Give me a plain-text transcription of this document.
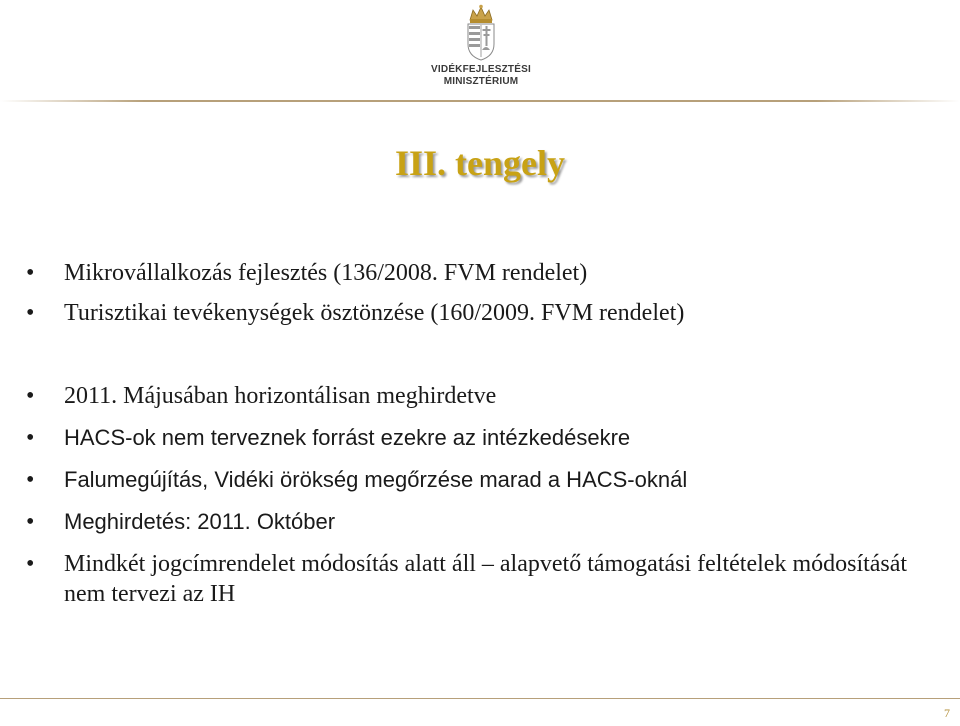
VIDÉKFEJLESZTÉSI
MINISZTÉRIUM
III. tengely
• Mikrovállalkozás fejlesztés (136/2008. FVM rendelet)
• Turisztikai tevékenységek ösztönzése (160/2009. FVM rendelet)
• 2011. Májusában horizontálisan meghirdetve
• HACS-ok nem terveznek forrást ezekre az intézkedésekre
• Falumegújítás, Vidéki örökség megőrzése marad a HACS-oknál
• Meghirdetés: 2011. Október
• Mindkét jogcímrendelet módosítás alatt áll – alapvető támogatási feltételek módosítását nem tervezi az IH
7
